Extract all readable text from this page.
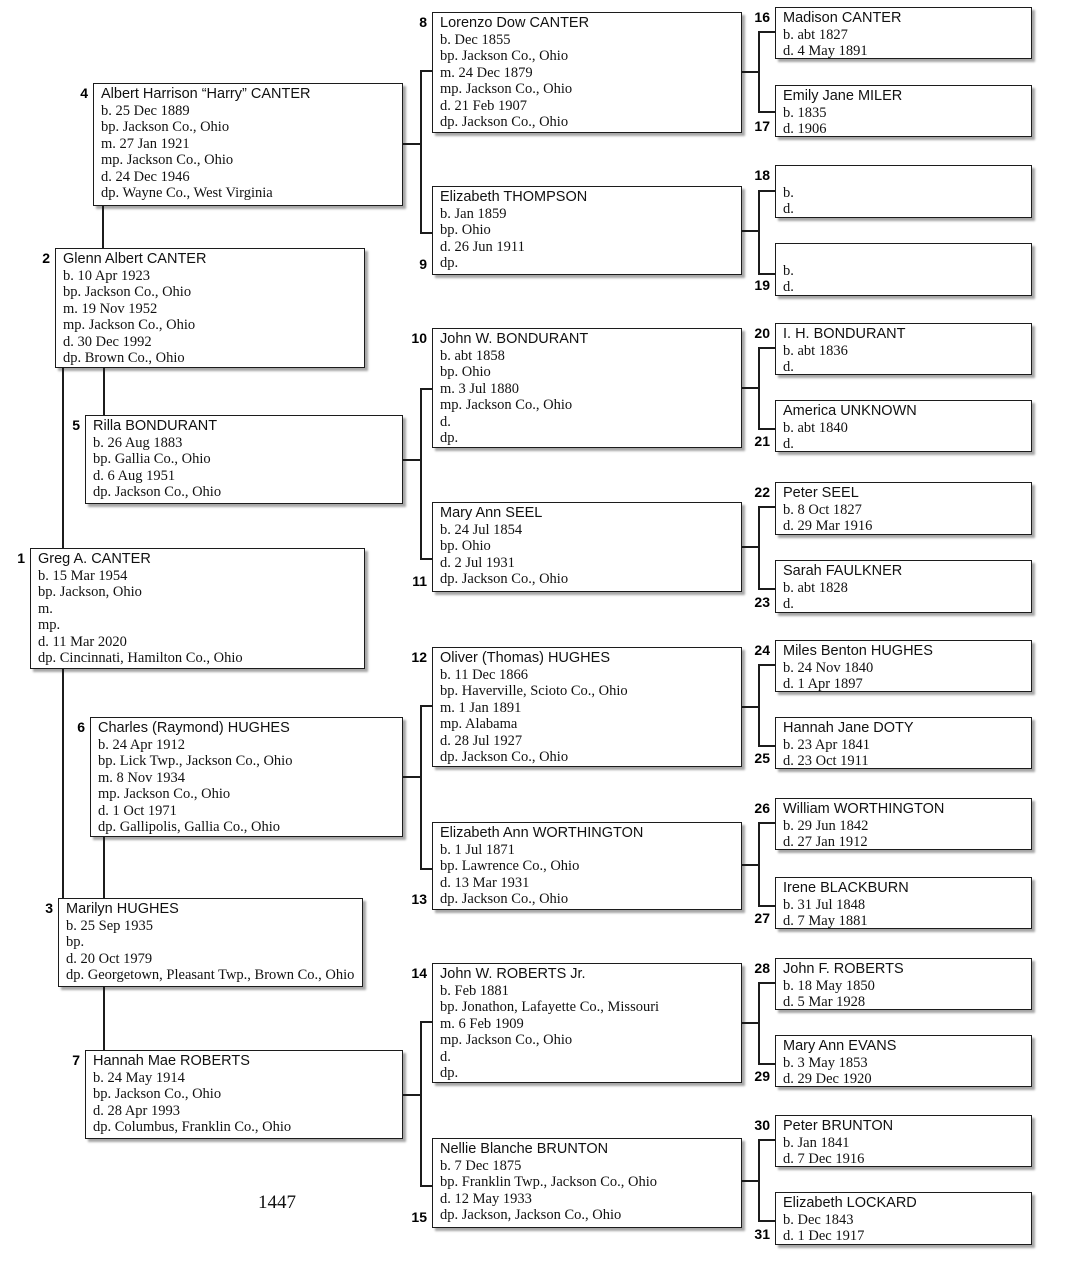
Greg A. CANTER
b. 15 Mar 1954
bp. Jackson, Ohio
m.
mp.
d. 11 Mar 2020
dp. Cincinnati, Hamilton Co., Ohio
1
Glenn Albert CANTER
b. 10 Apr 1923
bp. Jackson Co., Ohio
m. 19 Nov 1952
mp. Jackson Co., Ohio
d. 30 Dec 1992
dp. Brown Co., Ohio
2
Marilyn HUGHES
b. 25 Sep 1935
bp.
d. 20 Oct 1979
dp. Georgetown, Pleasant Twp., Brown Co., Ohio
3
Albert Harrison “Harry” CANTER
b. 25 Dec 1889
bp. Jackson Co., Ohio
m. 27 Jan 1921
mp. Jackson Co., Ohio
d. 24 Dec 1946
dp. Wayne Co., West Virginia
4
Rilla BONDURANT
b. 26 Aug 1883
bp. Gallia Co., Ohio
d. 6 Aug 1951
dp. Jackson Co., Ohio
5
Charles (Raymond) HUGHES
b. 24 Apr 1912
bp. Lick Twp., Jackson Co., Ohio
m. 8 Nov 1934
mp. Jackson Co., Ohio
d. 1 Oct 1971
dp. Gallipolis, Gallia Co., Ohio
6
Hannah Mae ROBERTS
b. 24 May 1914
bp. Jackson Co., Ohio
d. 28 Apr 1993
dp. Columbus, Franklin Co., Ohio
7
Lorenzo Dow CANTER
b. Dec 1855
bp. Jackson Co., Ohio
m. 24 Dec 1879
mp. Jackson Co., Ohio
d. 21 Feb 1907
dp. Jackson Co., Ohio
8
Elizabeth THOMPSON
b. Jan 1859
bp. Ohio
d. 26 Jun 1911
dp.
9
John W. BONDURANT
b. abt 1858
bp. Ohio
m. 3 Jul 1880
mp. Jackson Co., Ohio
d.
dp.
10
Mary Ann SEEL
b. 24 Jul 1854
bp. Ohio
d. 2 Jul 1931
dp. Jackson Co., Ohio
11
Oliver (Thomas) HUGHES
b. 11 Dec 1866
bp. Haverville, Scioto Co., Ohio
m. 1 Jan 1891
mp. Alabama
d. 28 Jul 1927
dp. Jackson Co., Ohio
12
Elizabeth Ann WORTHINGTON
b. 1 Jul 1871
bp. Lawrence Co., Ohio
d. 13 Mar 1931
dp. Jackson Co., Ohio
13
John W. ROBERTS Jr.
b. Feb 1881
bp. Jonathon, Lafayette Co., Missouri
m. 6 Feb 1909
mp. Jackson Co., Ohio
d.
dp.
14
Nellie Blanche BRUNTON
b. 7 Dec 1875
bp. Franklin Twp., Jackson Co., Ohio
d. 12 May 1933
dp. Jackson, Jackson Co., Ohio
15
Madison CANTER
b. abt 1827
d. 4 May 1891
16
Emily Jane MILER
b. 1835
d. 1906
17
b.
d.
18
b.
d.
19
I. H. BONDURANT
b. abt 1836
d.
20
America UNKNOWN
b. abt 1840
d.
21
Peter SEEL
b. 8 Oct 1827
d. 29 Mar 1916
22
Sarah FAULKNER
b. abt 1828
d.
23
Miles Benton HUGHES
b. 24 Nov 1840
d. 1 Apr 1897
24
Hannah Jane DOTY
b. 23 Apr 1841
d. 23 Oct 1911
25
William WORTHINGTON
b. 29 Jun 1842
d. 27 Jan 1912
26
Irene BLACKBURN
b. 31 Jul 1848
d. 7 May 1881
27
John F. ROBERTS
b. 18 May 1850
d. 5 Mar 1928
28
Mary Ann EVANS
b. 3 May 1853
d. 29 Dec 1920
29
Peter BRUNTON
b. Jan 1841
d. 7 Dec 1916
30
Elizabeth LOCKARD
b. Dec 1843
d. 1 Dec 1917
31
1447
